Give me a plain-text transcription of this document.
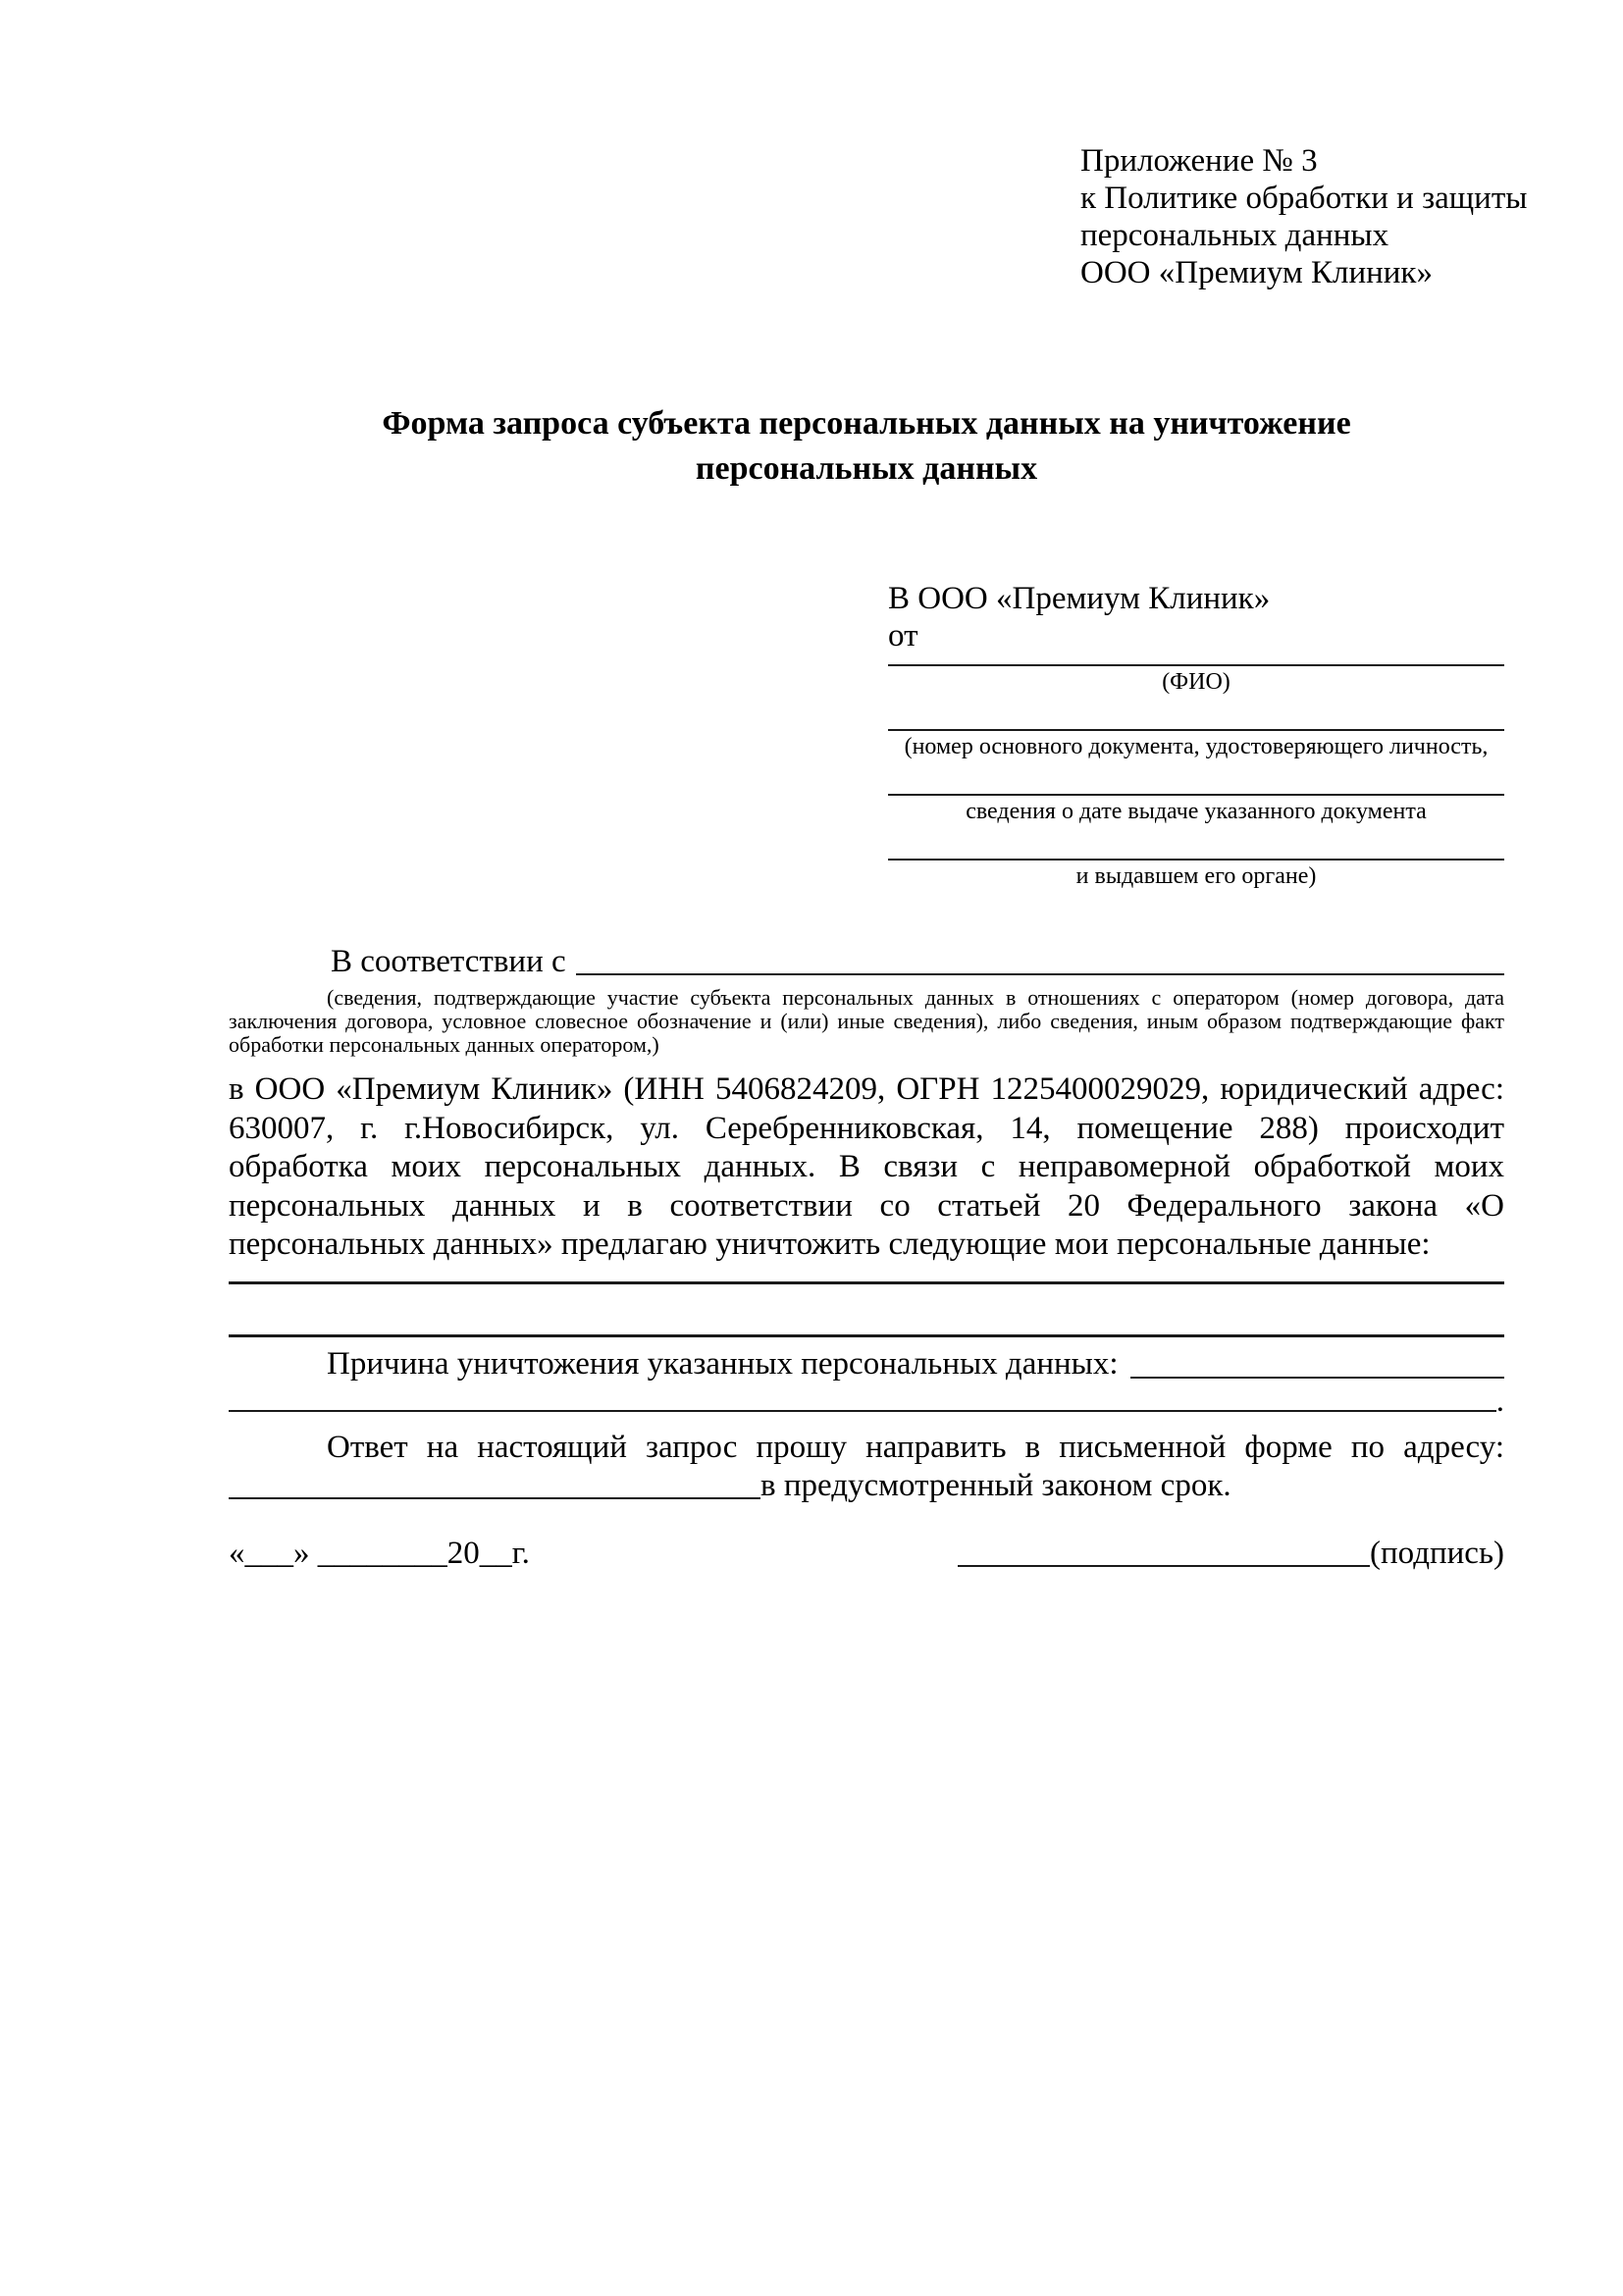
Приложение № 3
к Политике обработки и защиты
персональных данных
ООО «Премиум Клиник»
Форма запроса субъекта персональных данных на уничтожение
персональных данных
В ООО «Премиум Клиник»
от
(ФИО)
(номер основного документа, удостоверяющего личность,
сведения о дате выдаче указанного документа
и выдавшем его органе)
В соответствии с
(сведения, подтверждающие участие субъекта персональных данных в отношениях с оператором (номер договора, дата заключения договора, условное словесное обозначение и (или) иные сведения), либо сведения, иным образом подтверждающие факт обработки персональных данных оператором,)
в ООО «Премиум Клиник» (ИНН 5406824209, ОГРН 1225400029029, юридический адрес: 630007, г. г.Новосибирск, ул. Серебренниковская, 14, помещение 288) происходит обработка моих персональных данных. В связи с неправомерной обработкой моих персональных данных и в соответствии со статьей 20 Федерального закона «О персональных данных» предлагаю уничтожить следующие мои персональные данные:
Причина уничтожения указанных персональных данных:
.
Ответ на настоящий запрос прошу направить в письменной форме по адресу:
в предусмотренный законом срок.
«___» ________20__г.	(подпись)
